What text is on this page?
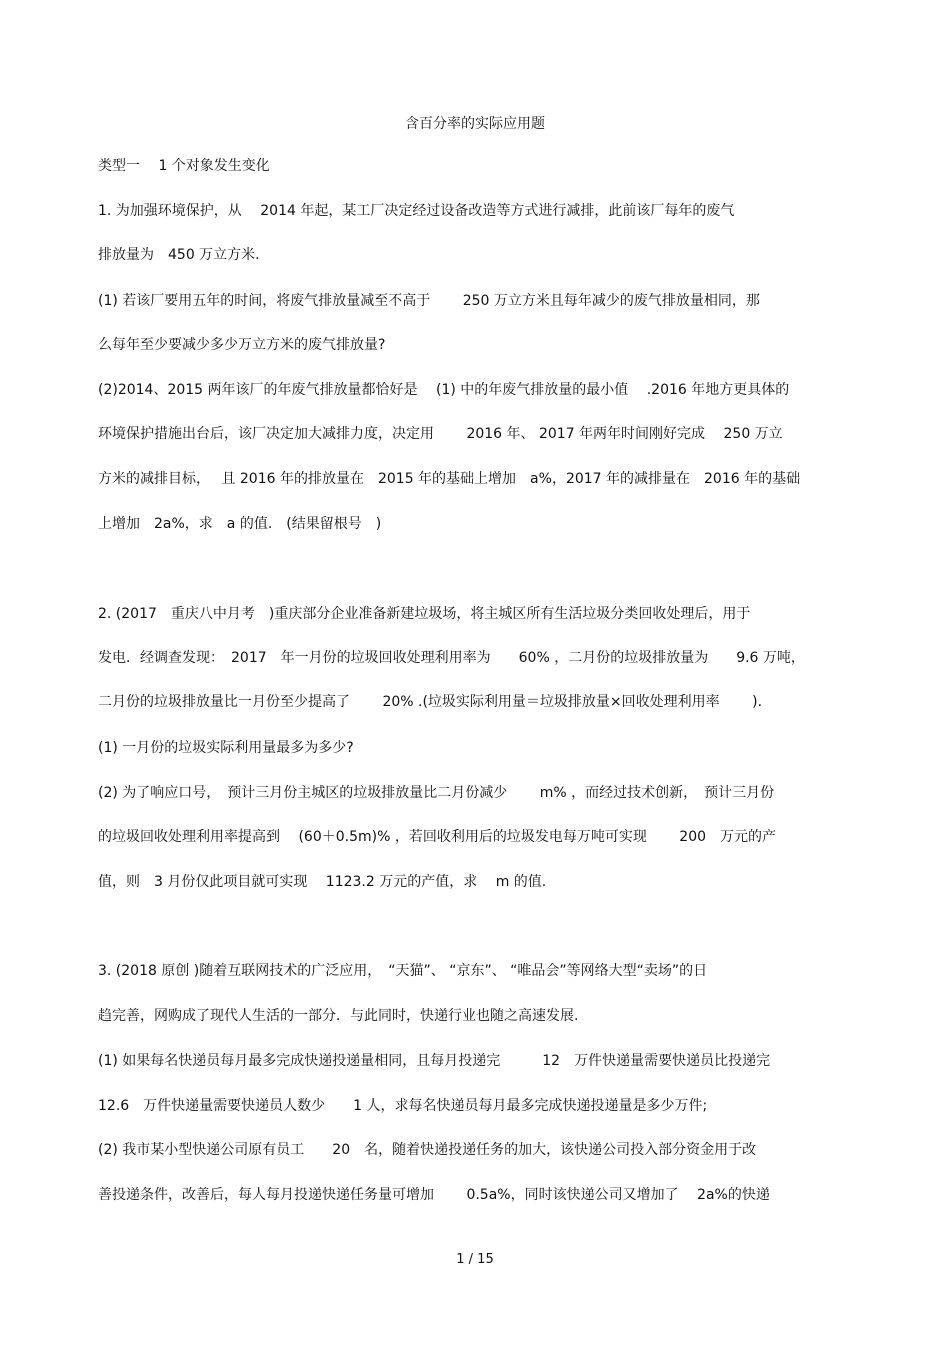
含百分率的实际应用题

类型一　 1 个对象发生变化

1. 为加强环境保护，从　 2014 年起，某工厂决定经过设备改造等方式进行减排，此前该厂每年的废气

排放量为　450 万立方米.

(1) 若该厂要用五年的时间，将废气排放量减至不高于　　 250 万立方米且每年减少的废气排放量相同，那

么每年至少要减少多少万立方米的废气排放量?

(2)2014、2015 两年该厂的年废气排放量都恰好是　 (1) 中的年废气排放量的最小值　 .2016 年地方更具体的

环境保护措施出台后，该厂决定加大减排力度，决定用　　 2016 年、 2017 年两年时间刚好完成　 250 万立

方米的减排目标，　 且 2016 年的排放量在　2015 年的基础上增加　a%，2017 年的减排量在　2016 年的基础

上增加　2a%，求　a 的值.　(结果留根号　)

2. (2017　重庆八中月考　)重庆部分企业准备新建垃圾场，将主城区所有生活垃圾分类回收处理后，用于

发电．经调查发现：　2017　年一月份的垃圾回收处理利用率为　　60% ，二月份的垃圾排放量为　　9.6 万吨，

二月份的垃圾排放量比一月份至少提高了　　 20% .(垃圾实际利用量＝垃圾排放量×回收处理利用率　　 ).

(1) 一月份的垃圾实际利用量最多为多少?

(2) 为了响应口号，　预计三月份主城区的垃圾排放量比二月份减少　　 m% ，而经过技术创新，　预计三月份

的垃圾回收处理利用率提高到　 (60＋0.5m)% ，若回收利用后的垃圾发电每万吨可实现　　 200　万元的产

值，则　3 月份仅此项目就可实现　 1123.2 万元的产值，求　 m 的值.

3. (2018 原创 )随着互联网技术的广泛应用，　“天猫”、 “京东”、 “唯品会”等网络大型“卖场”的日

趋完善，网购成了现代人生活的一部分．与此同时，快递行业也随之高速发展.

(1) 如果每名快递员每月最多完成快递投递量相同，且每月投递完　　　12　万件快递量需要快递员比投递完

12.6　万件快递量需要快递员人数少　　1 人，求每名快递员每月最多完成快递投递量是多少万件;

(2) 我市某小型快递公司原有员工　　20　名，随着快递投递任务的加大，该快递公司投入部分资金用于改

善投递条件，改善后，每人每月投递快递任务量可增加　　 0.5a%，同时该快递公司又增加了　 2a%的快递

1 / 15
